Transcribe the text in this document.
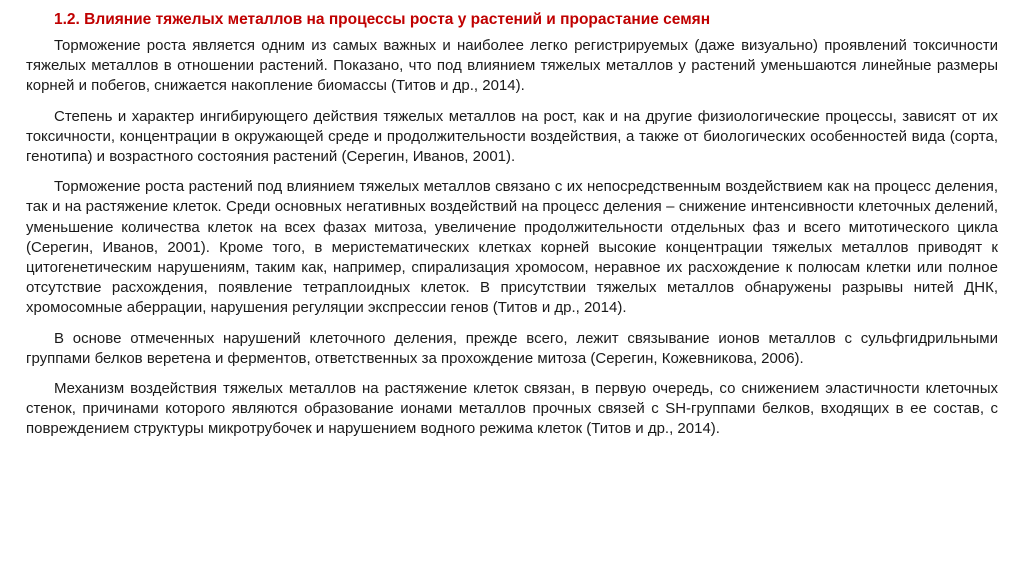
1.2. Влияние тяжелых металлов на процессы роста у растений и прорастание семян

Торможение роста является одним из самых важных и наиболее легко регистрируемых (даже визуально) проявлений токсичности тяжелых металлов в отношении растений. Показано, что под влиянием тяжелых металлов у растений уменьшаются линейные размеры корней и побегов, снижается накопление биомассы (Титов и др., 2014).

Степень и характер ингибирующего действия тяжелых металлов на рост, как и на другие физиологические процессы, зависят от их токсичности, концентрации в окружающей среде и продолжительности воздействия, а также от биологических особенностей вида (сорта, генотипа) и возрастного состояния растений (Серегин, Иванов, 2001).

Торможение роста растений под влиянием тяжелых металлов связано с их непосредственным воздействием как на процесс деления, так и на растяжение клеток. Среди основных негативных воздействий на процесс деления – снижение интенсивности клеточных делений, уменьшение количества клеток на всех фазах митоза, увеличение продолжительности отдельных фаз и всего митотического цикла (Серегин, Иванов, 2001). Кроме того, в меристематических клетках корней высокие концентрации тяжелых металлов приводят к цитогенетическим нарушениям, таким как, например, спирализация хромосом, неравное их расхождение к полюсам клетки или полное отсутствие расхождения, появление тетраплоидных клеток. В присутствии тяжелых металлов обнаружены разрывы нитей ДНК, хромосомные аберрации, нарушения регуляции экспрессии генов (Титов и др., 2014).

В основе отмеченных нарушений клеточного деления, прежде всего, лежит связывание ионов металлов с сульфгидрильными группами белков веретена и ферментов, ответственных за прохождение митоза (Серегин, Кожевникова, 2006).

Механизм воздействия тяжелых металлов на растяжение клеток связан, в первую очередь, со снижением эластичности клеточных стенок, причинами которого являются образование ионами металлов прочных связей с SH-группами белков, входящих в ее состав, с повреждением структуры микротрубочек и нарушением водного режима клеток (Титов и др., 2014).
